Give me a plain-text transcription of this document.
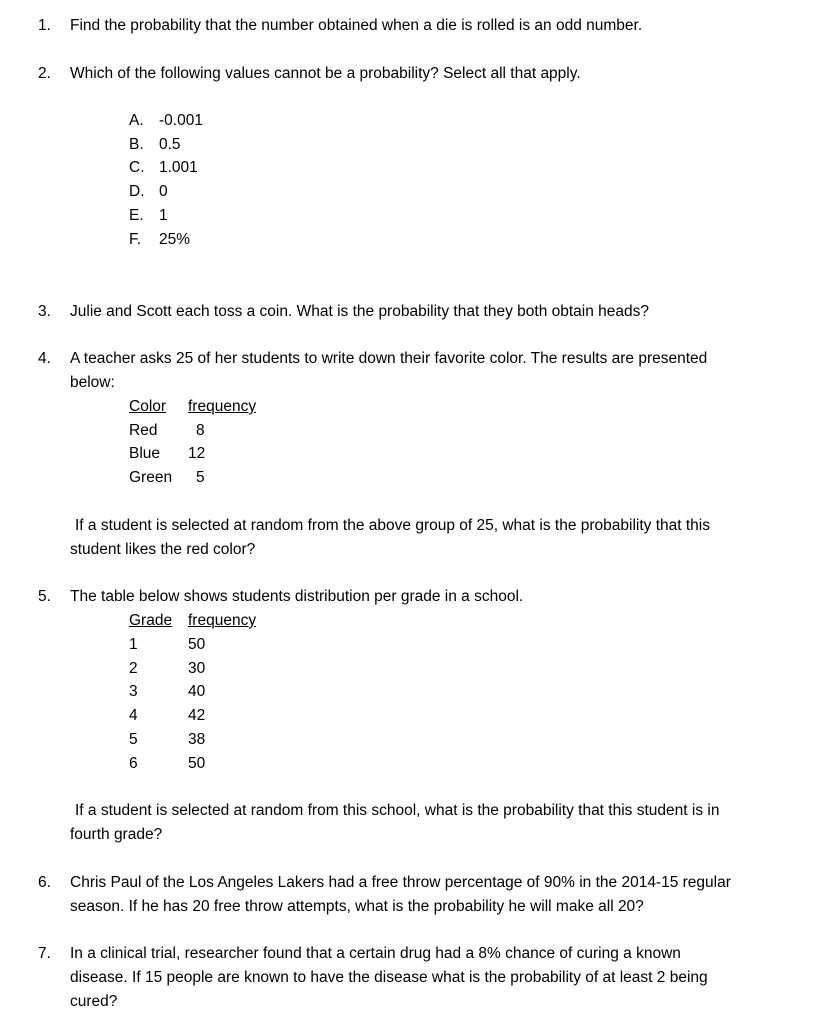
1. Find the probability that the number obtained when a die is rolled is an odd number.
2. Which of the following values cannot be a probability? Select all that apply.
A. -0.001
B. 0.5
C. 1.001
D. 0
E. 1
F. 25%
3. Julie and Scott each toss a coin. What is the probability that they both obtain heads?
4. A teacher asks 25 of her students to write down their favorite color. The results are presented
below:
Color frequency
Red 8
Blue 12
Green 5
If a student is selected at random from the above group of 25, what is the probability that this
student likes the red color?
5. The table below shows students distribution per grade in a school.
Grade frequency
1	50
2	30
3	40
4	42
5	38
6	50
If a student is selected at random from this school, what is the probability that this student is in
fourth grade?
6. Chris Paul of the Los Angeles Lakers had a free throw percentage of 90% in the 2014-15 regular
season. If he has 20 free throw attempts, what is the probability he will make all 20?
7. In a clinical trial, researcher found that a certain drug had a 8% chance of curing a known
disease. If 15 people are known to have the disease what is the probability of at least 2 being
cured?
